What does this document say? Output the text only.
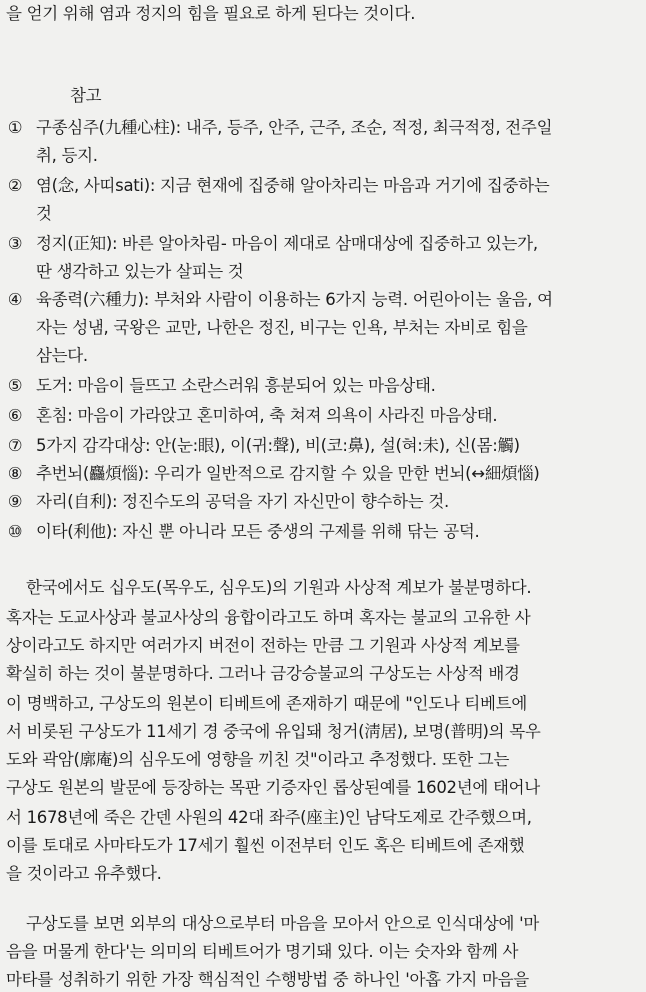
을 얻기 위해 염과 정지의 힘을 필요로 하게 된다는 것이다.
참고
① 구종심주(九種心柱): 내주, 등주, 안주, 근주, 조순, 적정, 최극적정, 전주일
취, 등지.
② 염(念, 사띠sati): 지금 현재에 집중해 알아차리는 마음과 거기에 집중하는
것
③ 정지(正知): 바른 알아차림- 마음이 제대로 삼매대상에 집중하고 있는가,
딴 생각하고 있는가 살피는 것
④ 육종력(六種力): 부처와 사람이 이용하는 6가지 능력. 어린아이는 울음, 여
자는 성냄, 국왕은 교만, 나한은 정진, 비구는 인욕, 부처는 자비로 힘을
삼는다.
⑤ 도거: 마음이 들뜨고 소란스러워 흥분되어 있는 마음상태.
⑥ 혼침: 마음이 가라앉고 혼미하여, 축 쳐져 의욕이 사라진 마음상태.
⑦ 5가지 감각대상: 안(눈:眼), 이(귀:聲), 비(코:鼻), 설(혀:未), 신(몸:觸)
⑧ 추번뇌(麤煩惱): 우리가 일반적으로 감지할 수 있을 만한 번뇌(↔細煩惱)
⑨ 자리(自利): 정진수도의 공덕을 자기 자신만이 향수하는 것.
⑩ 이타(利他): 자신 뿐 아니라 모든 중생의 구제를 위해 닦는 공덕.
한국에서도 십우도(목우도, 심우도)의 기원과 사상적 계보가 불분명하다.
혹자는 도교사상과 불교사상의 융합이라고도 하며 혹자는 불교의 고유한 사
상이라고도 하지만 여러가지 버전이 전하는 만큼 그 기원과 사상적 계보를
확실히 하는 것이 불분명하다. 그러나 금강승불교의 구상도는 사상적 배경
이 명백하고, 구상도의 원본이 티베트에 존재하기 때문에 "인도나 티베트에
서 비롯된 구상도가 11세기 경 중국에 유입돼 청거(淸居), 보명(普明)의 목우
도와 곽암(廓庵)의 심우도에 영향을 끼친 것"이라고 추정했다. 또한 그는
구상도 원본의 발문에 등장하는 목판 기증자인 롭상된예를 1602년에 태어나
서 1678년에 죽은 간덴 사원의 42대 좌주(座主)인 남닥도제로 간주했으며,
이를 토대로 사마타도가 17세기 훨씬 이전부터 인도 혹은 티베트에 존재했
을 것이라고 유추했다.
구상도를 보면 외부의 대상으로부터 마음을 모아서 안으로 인식대상에 '마
음을 머물게 한다'는 의미의 티베트어가 명기돼 있다. 이는 숫자와 함께 사
마타를 성취하기 위한 가장 핵심적인 수행방법 중 하나인 '아홉 가지 마음을
